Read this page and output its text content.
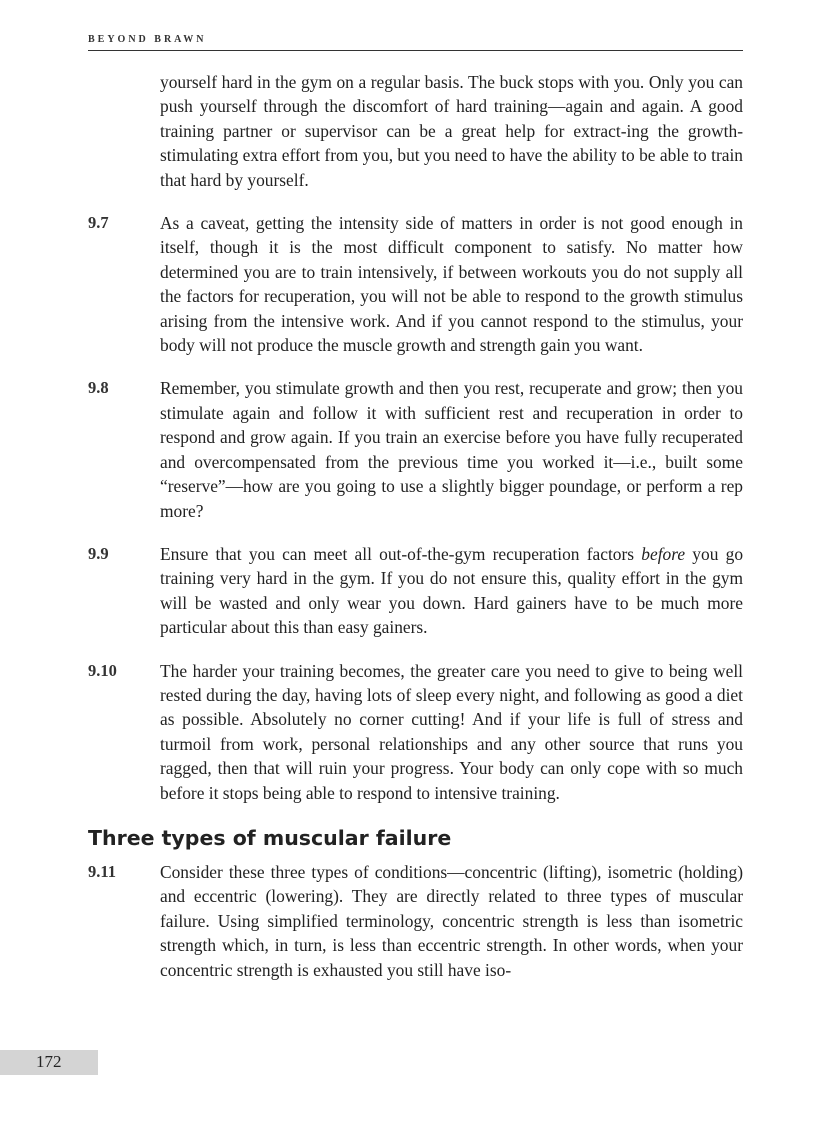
BEYOND BRAWN
yourself hard in the gym on a regular basis. The buck stops with you. Only you can push yourself through the discomfort of hard training—again and again. A good training partner or supervisor can be a great help for extract-ing the growth-stimulating extra effort from you, but you need to have the ability to be able to train that hard by yourself.
9.7	As a caveat, getting the intensity side of matters in order is not good enough in itself, though it is the most difficult component to satisfy. No matter how determined you are to train intensively, if between workouts you do not supply all the factors for recuperation, you will not be able to respond to the growth stimulus arising from the intensive work. And if you cannot respond to the stimulus, your body will not produce the muscle growth and strength gain you want.
9.8	Remember, you stimulate growth and then you rest, recuperate and grow; then you stimulate again and follow it with sufficient rest and recuperation in order to respond and grow again. If you train an exercise before you have fully recuperated and overcompensated from the previous time you worked it—i.e., built some “reserve”—how are you going to use a slightly bigger poundage, or perform a rep more?
9.9	Ensure that you can meet all out-of-the-gym recuperation factors before you go training very hard in the gym. If you do not ensure this, quality effort in the gym will be wasted and only wear you down. Hard gainers have to be much more particular about this than easy gainers.
9.10	The harder your training becomes, the greater care you need to give to being well rested during the day, having lots of sleep every night, and following as good a diet as possible. Absolutely no corner cutting! And if your life is full of stress and turmoil from work, personal relationships and any other source that runs you ragged, then that will ruin your progress. Your body can only cope with so much before it stops being able to respond to intensive training.
Three types of muscular failure
9.11	Consider these three types of conditions—concentric (lifting), isometric (holding) and eccentric (lowering). They are directly related to three types of muscular failure. Using simplified terminology, concentric strength is less than isometric strength which, in turn, is less than eccentric strength. In other words, when your concentric strength is exhausted you still have iso-
172
